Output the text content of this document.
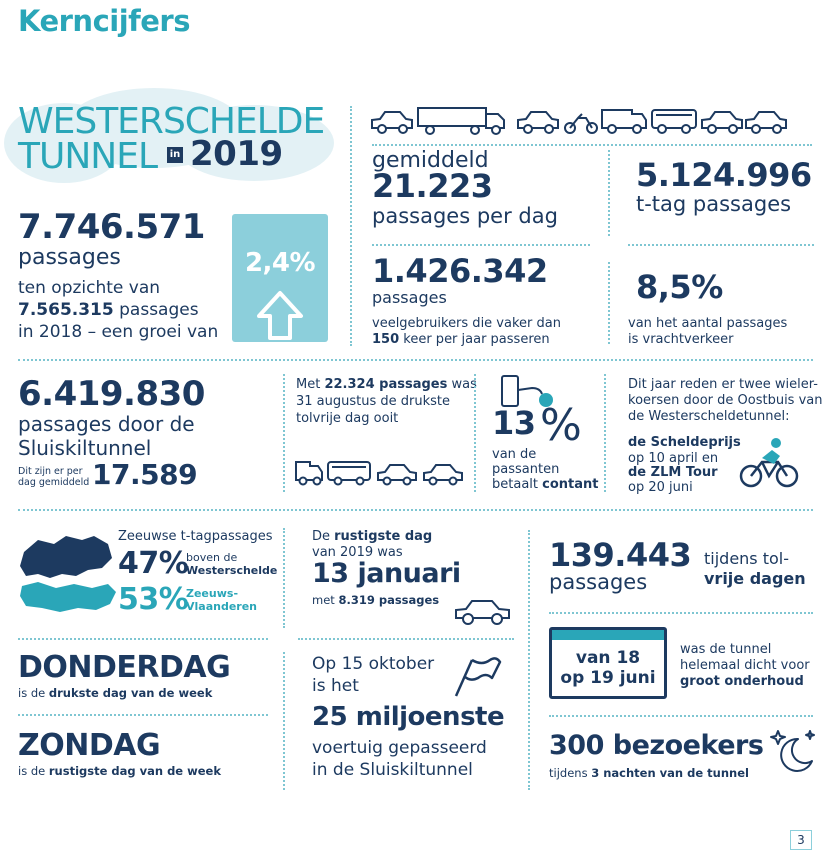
Kerncijfers
WESTERSCHELDE
TUNNEL in 2019
7.746.571
passages
ten opzichte van
7.565.315 passages
in 2018 – een groei van
2,4%
gemiddeld
21.223
passages per dag
5.124.996
t-tag passages
1.426.342
passages
veelgebruikers die vaker dan
150 keer per jaar passeren
8,5%
van het aantal passages
is vrachtverkeer
6.419.830
passages door de
Sluiskiltunnel
Dit zijn er per
dag gemiddeld 17.589
Met 22.324 passages was
31 augustus de drukste
tolvrije dag ooit	13 %
van de
passanten
betaalt contant
Dit jaar reden er twee wieler-
koersen door de Oostbuis van
de Westerscheldetunnel:
de Scheldeprijs
op 10 april en
de ZLM Tour
op 20 juni
Zeeuwse t-tagpassages
47%
boven de
Westerschelde
53%
Zeeuws-
Vlaanderen
De rustigste dag
van 2019 was
13 januari
met 8.319 passages
139.443
passages
tijdens tol-
vrije dagen
van 18
op 19 juni
was de tunnel
helemaal dicht voor
groot onderhoud
DONDERDAG
is de drukste dag van de week
ZONDAG
is de rustigste dag van de week
Op 15 oktober
is het
25 miljoenste
voertuig gepasseerd
in de Sluiskiltunnel
300 bezoekers
tijdens 3 nachten van de tunnel
3
